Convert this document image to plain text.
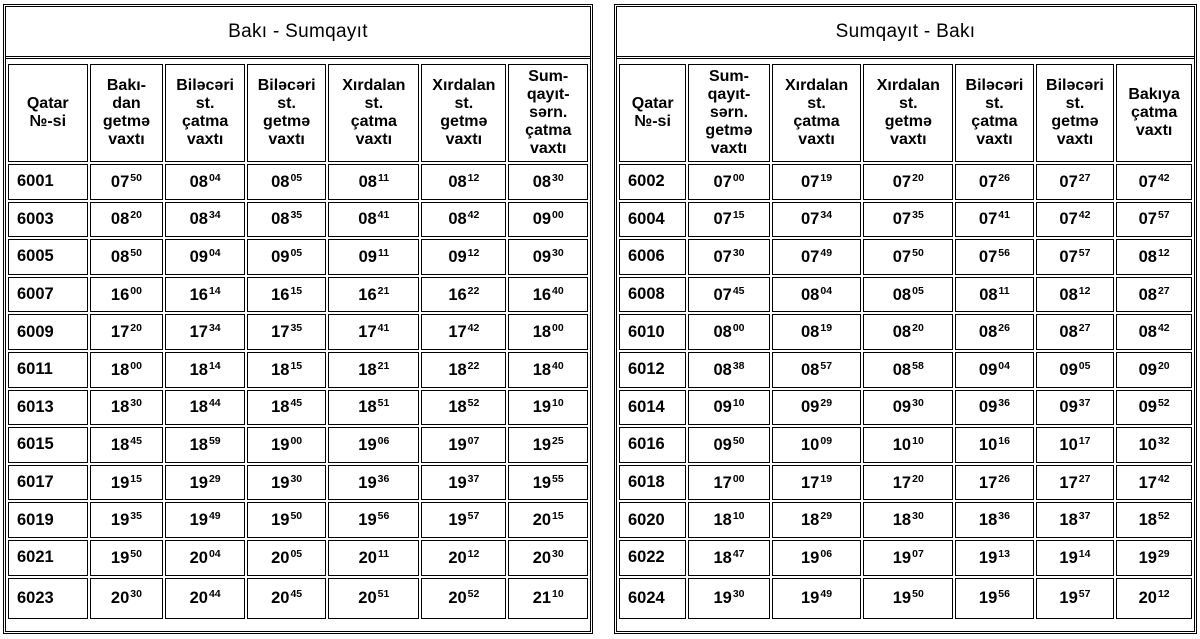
Bakı - Sumqayıt
Qatar
№-si	Bakı-
dan
getmə
vaxtı	Biləcəri
st.
çatma
vaxtı	Biləcəri
st.
getmə
vaxtı	Xırdalan
st.
çatma
vaxtı	Xırdalan
st.
getmə
vaxtı	Sum-
qayıt-
sərn.
çatma
vaxtı
6001	$07^{50}$	$08^{04}$	$08^{05}$	$08^{11}$	$08^{12}$	$08^{30}$
6003	$08^{20}$	$08^{34}$	$08^{35}$	$08^{41}$	$08^{42}$	$09^{00}$
6005	$08^{50}$	$09^{04}$	$09^{05}$	$09^{11}$	$09^{12}$	$09^{30}$
6007	$16^{00}$	$16^{14}$	$16^{15}$	$16^{21}$	$16^{22}$	$16^{40}$
6009	$17^{20}$	$17^{34}$	$17^{35}$	$17^{41}$	$17^{42}$	$18^{00}$
6011	$18^{00}$	$18^{14}$	$18^{15}$	$18^{21}$	$18^{22}$	$18^{40}$
6013	$18^{30}$	$18^{44}$	$18^{45}$	$18^{51}$	$18^{52}$	$19^{10}$
6015	$18^{45}$	$18^{59}$	$19^{00}$	$19^{06}$	$19^{07}$	$19^{25}$
6017	$19^{15}$	$19^{29}$	$19^{30}$	$19^{36}$	$19^{37}$	$19^{55}$
6019	$19^{35}$	$19^{49}$	$19^{50}$	$19^{56}$	$19^{57}$	$20^{15}$
6021	$19^{50}$	$20^{04}$	$20^{05}$	$20^{11}$	$20^{12}$	$20^{30}$
6023	$20^{30}$	$20^{44}$	$20^{45}$	$20^{51}$	$20^{52}$	$21^{10}$
Sumqayıt - Bakı
Qatar
№-si	Sum-
qayıt-
sərn.
getmə
vaxtı	Xırdalan
st.
çatma
vaxtı	Xırdalan
st.
getmə
vaxtı	Biləcəri
st.
çatma
vaxtı	Biləcəri
st.
getmə
vaxtı	Bakıya
çatma
vaxtı
6002	$07^{00}$	$07^{19}$	$07^{20}$	$07^{26}$	$07^{27}$	$07^{42}$
6004	$07^{15}$	$07^{34}$	$07^{35}$	$07^{41}$	$07^{42}$	$07^{57}$
6006	$07^{30}$	$07^{49}$	$07^{50}$	$07^{56}$	$07^{57}$	$08^{12}$
6008	$07^{45}$	$08^{04}$	$08^{05}$	$08^{11}$	$08^{12}$	$08^{27}$
6010	$08^{00}$	$08^{19}$	$08^{20}$	$08^{26}$	$08^{27}$	$08^{42}$
6012	$08^{38}$	$08^{57}$	$08^{58}$	$09^{04}$	$09^{05}$	$09^{20}$
6014	$09^{10}$	$09^{29}$	$09^{30}$	$09^{36}$	$09^{37}$	$09^{52}$
6016	$09^{50}$	$10^{09}$	$10^{10}$	$10^{16}$	$10^{17}$	$10^{32}$
6018	$17^{00}$	$17^{19}$	$17^{20}$	$17^{26}$	$17^{27}$	$17^{42}$
6020	$18^{10}$	$18^{29}$	$18^{30}$	$18^{36}$	$18^{37}$	$18^{52}$
6022	$18^{47}$	$19^{06}$	$19^{07}$	$19^{13}$	$19^{14}$	$19^{29}$
6024	$19^{30}$	$19^{49}$	$19^{50}$	$19^{56}$	$19^{57}$	$20^{12}$
